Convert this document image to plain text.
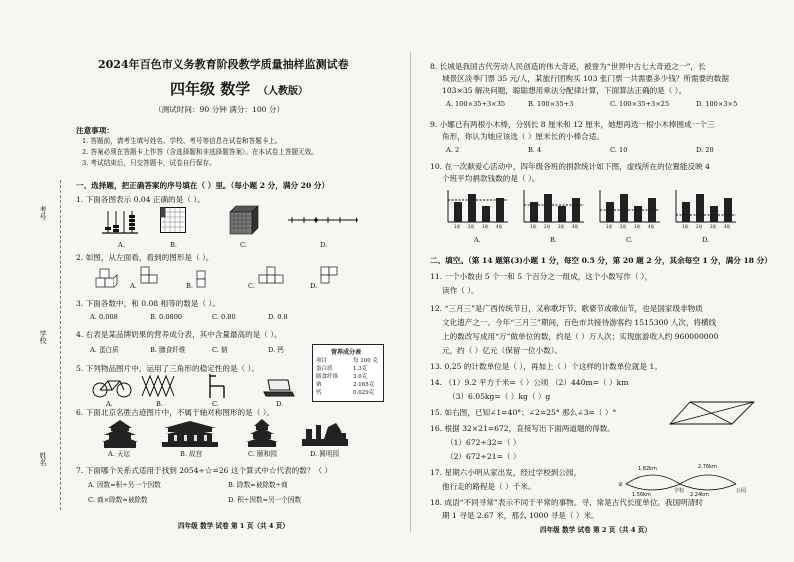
考号
学校
姓名
2024年百色市义务教育阶段教学质量抽样监测试卷
四年级 数学 （人教版）
（测试时间：90 分钟 满分：100 分）
注意事项：
1. 答题前，请考生填写姓名、学校、考号等信息在试卷和答题卡上。
2. 答案必须在答题卡上作答（含选择题和非选择题答案）。在本试卷上答题无效。
3. 考试结束后，只交答题卡，试卷自行保存。
一、选择题，把正确答案的序号填在（ ）里。（每小题 2 分，满分 20 分）
1. 下面各图表示 0.04 正确的是（ ）。
A.	B.	C.	D.
2. 如图，从左面看，看到的图形是（ ）。
A.	B.	C.	D.
3. 下面各数中，和 0.08 相等的数是（ ）。
A. 0.008	B. 0.0800	C. 0.80	D. 0.8
4. 右表是某品牌奶果的营养成分表，其中含量最高的是（ ）。
A. 蛋白质	B. 膳食纤维	C. 钠	D. 钙	营养成分表
项目	每 100 克
蛋白质	1.3克
膳食纤维	3.0克
钠	2.165克
钙	0.029克
5. 下列物品图片中，运用了三角形的稳定性的是（ ）。
A.	B.	C.	D.
6. 下面北京名胜古迹图片中，不属于轴对称图形的是（ ）。
A. 天坛	B. 故宫	C. 颐和园	D. 圆明园
7. 下面哪个关系式适用于找到 2054÷☆=26 这个算式中☆代表的数？（ ）
A. 因数=积÷另一个因数	B. 除数=被除数÷商
C. 商×除数=被除数	D. 积÷因数=另一个因数
四年级 数学 试卷 第 1 页（共 4 页）
8. 长城是我国古代劳动人民创造的伟大奇迹，被誉为“世界中古七大奇迹之一”，长
城景区淡季门票 35 元/人，某旅行团购买 103 张门票一共需要多少钱？所需要的数据
103×35 解决问题，聪聪想用乘法分配律计算，下面算法正确的是（ ）。
A. 100×35+3×35	B. 100×35+3	C. 100×35+3×25	D. 100×3×5
9. 小娜已有两根小木棒，分别长 8 厘米和 12 厘米，她想再选一根小木棒围成一个三
角形，你认为她应该选（ ）厘米长的小棒合适。
A. 2	B. 4	C. 10	D. 20
10. 在一次献爱心活动中，四年级各班的捐款统计如下图，虚线所在的位置能反映 4
个班平均捐款钱数的是（ ）。
1班 2班 3班 4班	1班 2班 3班 4班	1班 2班 3班 4班	1班 2班 3班 4班
A.	B.	C.	D.
二、填空。（第 14 题第(3)小题 1 分，每空 0.5 分，第 20 题 2 分，其余每空 1 分，满分 18 分）
11. 一个小数由 5 个一和 5 个百分之一组成，这个小数写作（ ），
读作（ ）。
12. “三月三”是广西传统节日，又称歌圩节、歌婆节或歌仙节，也是国家级非物质
文化遗产之一。今年“三月三”期间，百色市共接待游客约 1515300 人次，将横线
上的数改写成用“万”做单位的数，约是（ ）万人次；实现旅游收入约 960000000
元，约（ ）亿元（保留一位小数）。
13. 0.25 的计数单位是（ ），再加上（ ）个这样的计数单位就是 1。
14. （1）9.2 平方千米=（ ）公顷 （2）440m=（ ）km
（3）6.05kg=（ ）kg（ ）g
15. 如右图，已知∠1=40°；∠2=25° 那么∠3=（ ）°
16. 根据 32×21=672，直接写出下面两道题的得数。
（1）672÷32=（ ）
（2）672÷21=（ ）
17. 星期六小明从家出发，经过学校到公园，
他行走的路程是（ ）千米。
1.82km	2.76km
1.56km	2.24km
家
学校	公园
18. 成语“不同寻常”表示不同于平常的事物。寻、常是古代长度单位。我国明清时
期 1 寻是 2.67 米，那么 1000 寻是（ ）米。
四年级 数学 试卷 第 2 页（共 4 页）
